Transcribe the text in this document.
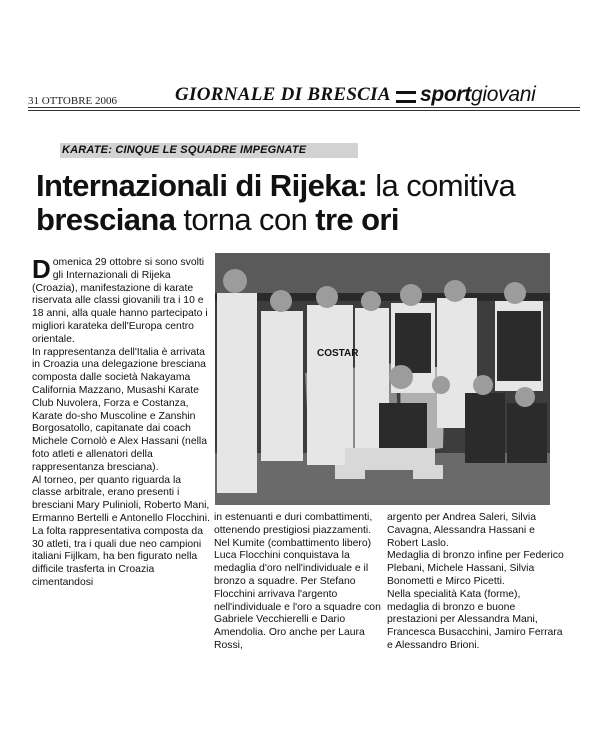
31 OTTOBRE 2006	GIORNALE DI BRESCIA sportgiovani
KARATE: CINQUE LE SQUADRE IMPEGNATE
Internazionali di Rijeka: la comitiva
bresciana torna con tre ori
COSTAR

Domenica 29 ottobre si sono svolti gli Internazionali di Rijeka (Croazia), manifestazione di karate riservata alle classi giovanili tra i 10 e 18 anni, alla quale hanno partecipato i migliori karateka dell'Europa centro orientale.

In rappresentanza dell'Italia è arrivata in Croazia una delegazione bresciana composta dalle società Nakayama California Mazzano, Musashi Karate Club Nuvolera, Forza e Costanza, Karate do-sho Muscoline e Zanshin Borgosatollo, capitanate dai coach Michele Cornolò e Alex Hassani (nella foto atleti e allenatori della rappresentanza bresciana).

Al torneo, per quanto riguarda la classe arbitrale, erano presenti i bresciani Mary Pulinioli, Roberto Mani, Ermanno Bertelli e Antonello Flocchini.

La folta rappresentativa composta da 30 atleti, tra i quali due neo campioni italiani Fijlkam, ha ben figurato nella difficile trasferta in Croazia cimentandosi

in estenuanti e duri combattimenti, ottenendo prestigiosi piazzamenti.

Nel Kumite (combattimento libero) Luca Flocchini conquistava la medaglia d'oro nell'individuale e il bronzo a squadre. Per Stefano Flocchini arrivava l'argento nell'individuale e l'oro a squadre con Gabriele Vecchierelli e Dario Amendolia. Oro anche per Laura Rossi,

argento per Andrea Saleri, Silvia Cavagna, Alessandra Hassani e Robert Laslo.

Medaglia di bronzo infine per Federico Plebani, Michele Hassani, Silvia Bonometti e Mirco Picetti.

Nella specialità Kata (forme), medaglia di bronzo e buone prestazioni per Alessandra Mani, Francesca Busacchini, Jamiro Ferrara e Alessandro Brioni.
